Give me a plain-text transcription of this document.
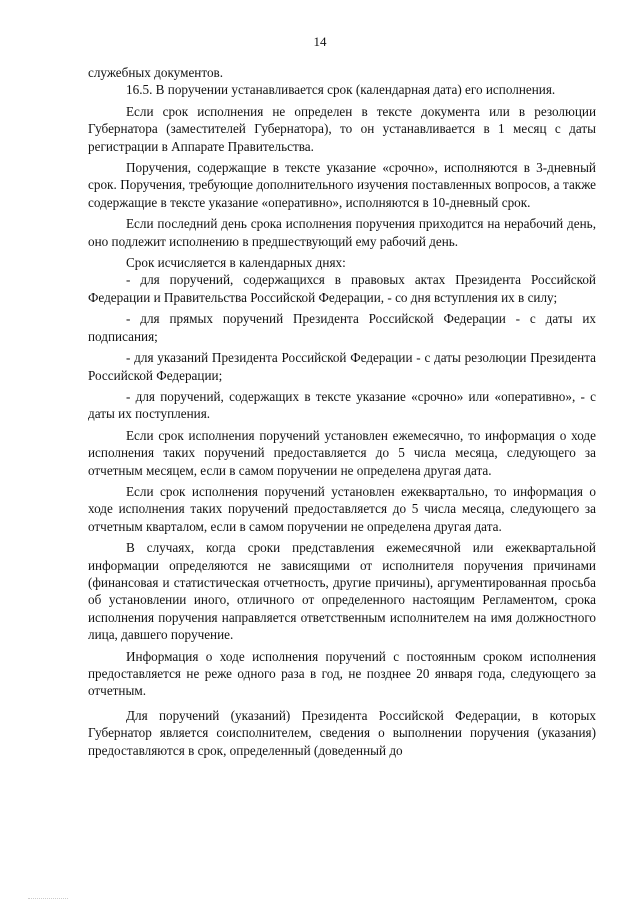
14

служебных документов.

16.5. В поручении устанавливается срок (календарная дата) его исполнения.

Если срок исполнения не определен в тексте документа или в резолюции Губернатора (заместителей Губернатора), то он устанавливается в 1 месяц с даты регистрации в Аппарате Правительства.

Поручения, содержащие в тексте указание «срочно», исполняются в 3-дневный срок. Поручения, требующие дополнительного изучения поставленных вопросов, а также содержащие в тексте указание «оперативно», исполняются в 10-дневный срок.

Если последний день срока исполнения поручения приходится на нерабочий день, оно подлежит исполнению в предшествующий ему рабочий день.

Срок исчисляется в календарных днях:

- для поручений, содержащихся в правовых актах Президента Российской Федерации и Правительства Российской Федерации, - со дня вступления их в силу;

- для прямых поручений Президента Российской Федерации - с даты их подписания;

- для указаний Президента Российской Федерации - с даты резолюции Президента Российской Федерации;

- для поручений, содержащих в тексте указание «срочно» или «оперативно», - с даты их поступления.

Если срок исполнения поручений установлен ежемесячно, то информация о ходе исполнения таких поручений предоставляется до 5 числа месяца, следующего за отчетным месяцем, если в самом поручении не определена другая дата.

Если срок исполнения поручений установлен ежеквартально, то информация о ходе исполнения таких поручений предоставляется до 5 числа месяца, следующего за отчетным кварталом, если в самом поручении не определена другая дата.

В случаях, когда сроки представления ежемесячной или ежеквартальной информации определяются не зависящими от исполнителя поручения причинами (финансовая и статистическая отчетность, другие причины), аргументированная просьба об установлении иного, отличного от определенного настоящим Регламентом, срока исполнения поручения направляется ответственным исполнителем на имя должностного лица, давшего поручение.

Информация о ходе исполнения поручений с постоянным сроком исполнения предоставляется не реже одного раза в год, не позднее 20 января года, следующего за отчетным.

Для поручений (указаний) Президента Российской Федерации, в которых Губернатор является соисполнителем, сведения о выполнении поручения (указания) предоставляются в срок, определенный (доведенный до
